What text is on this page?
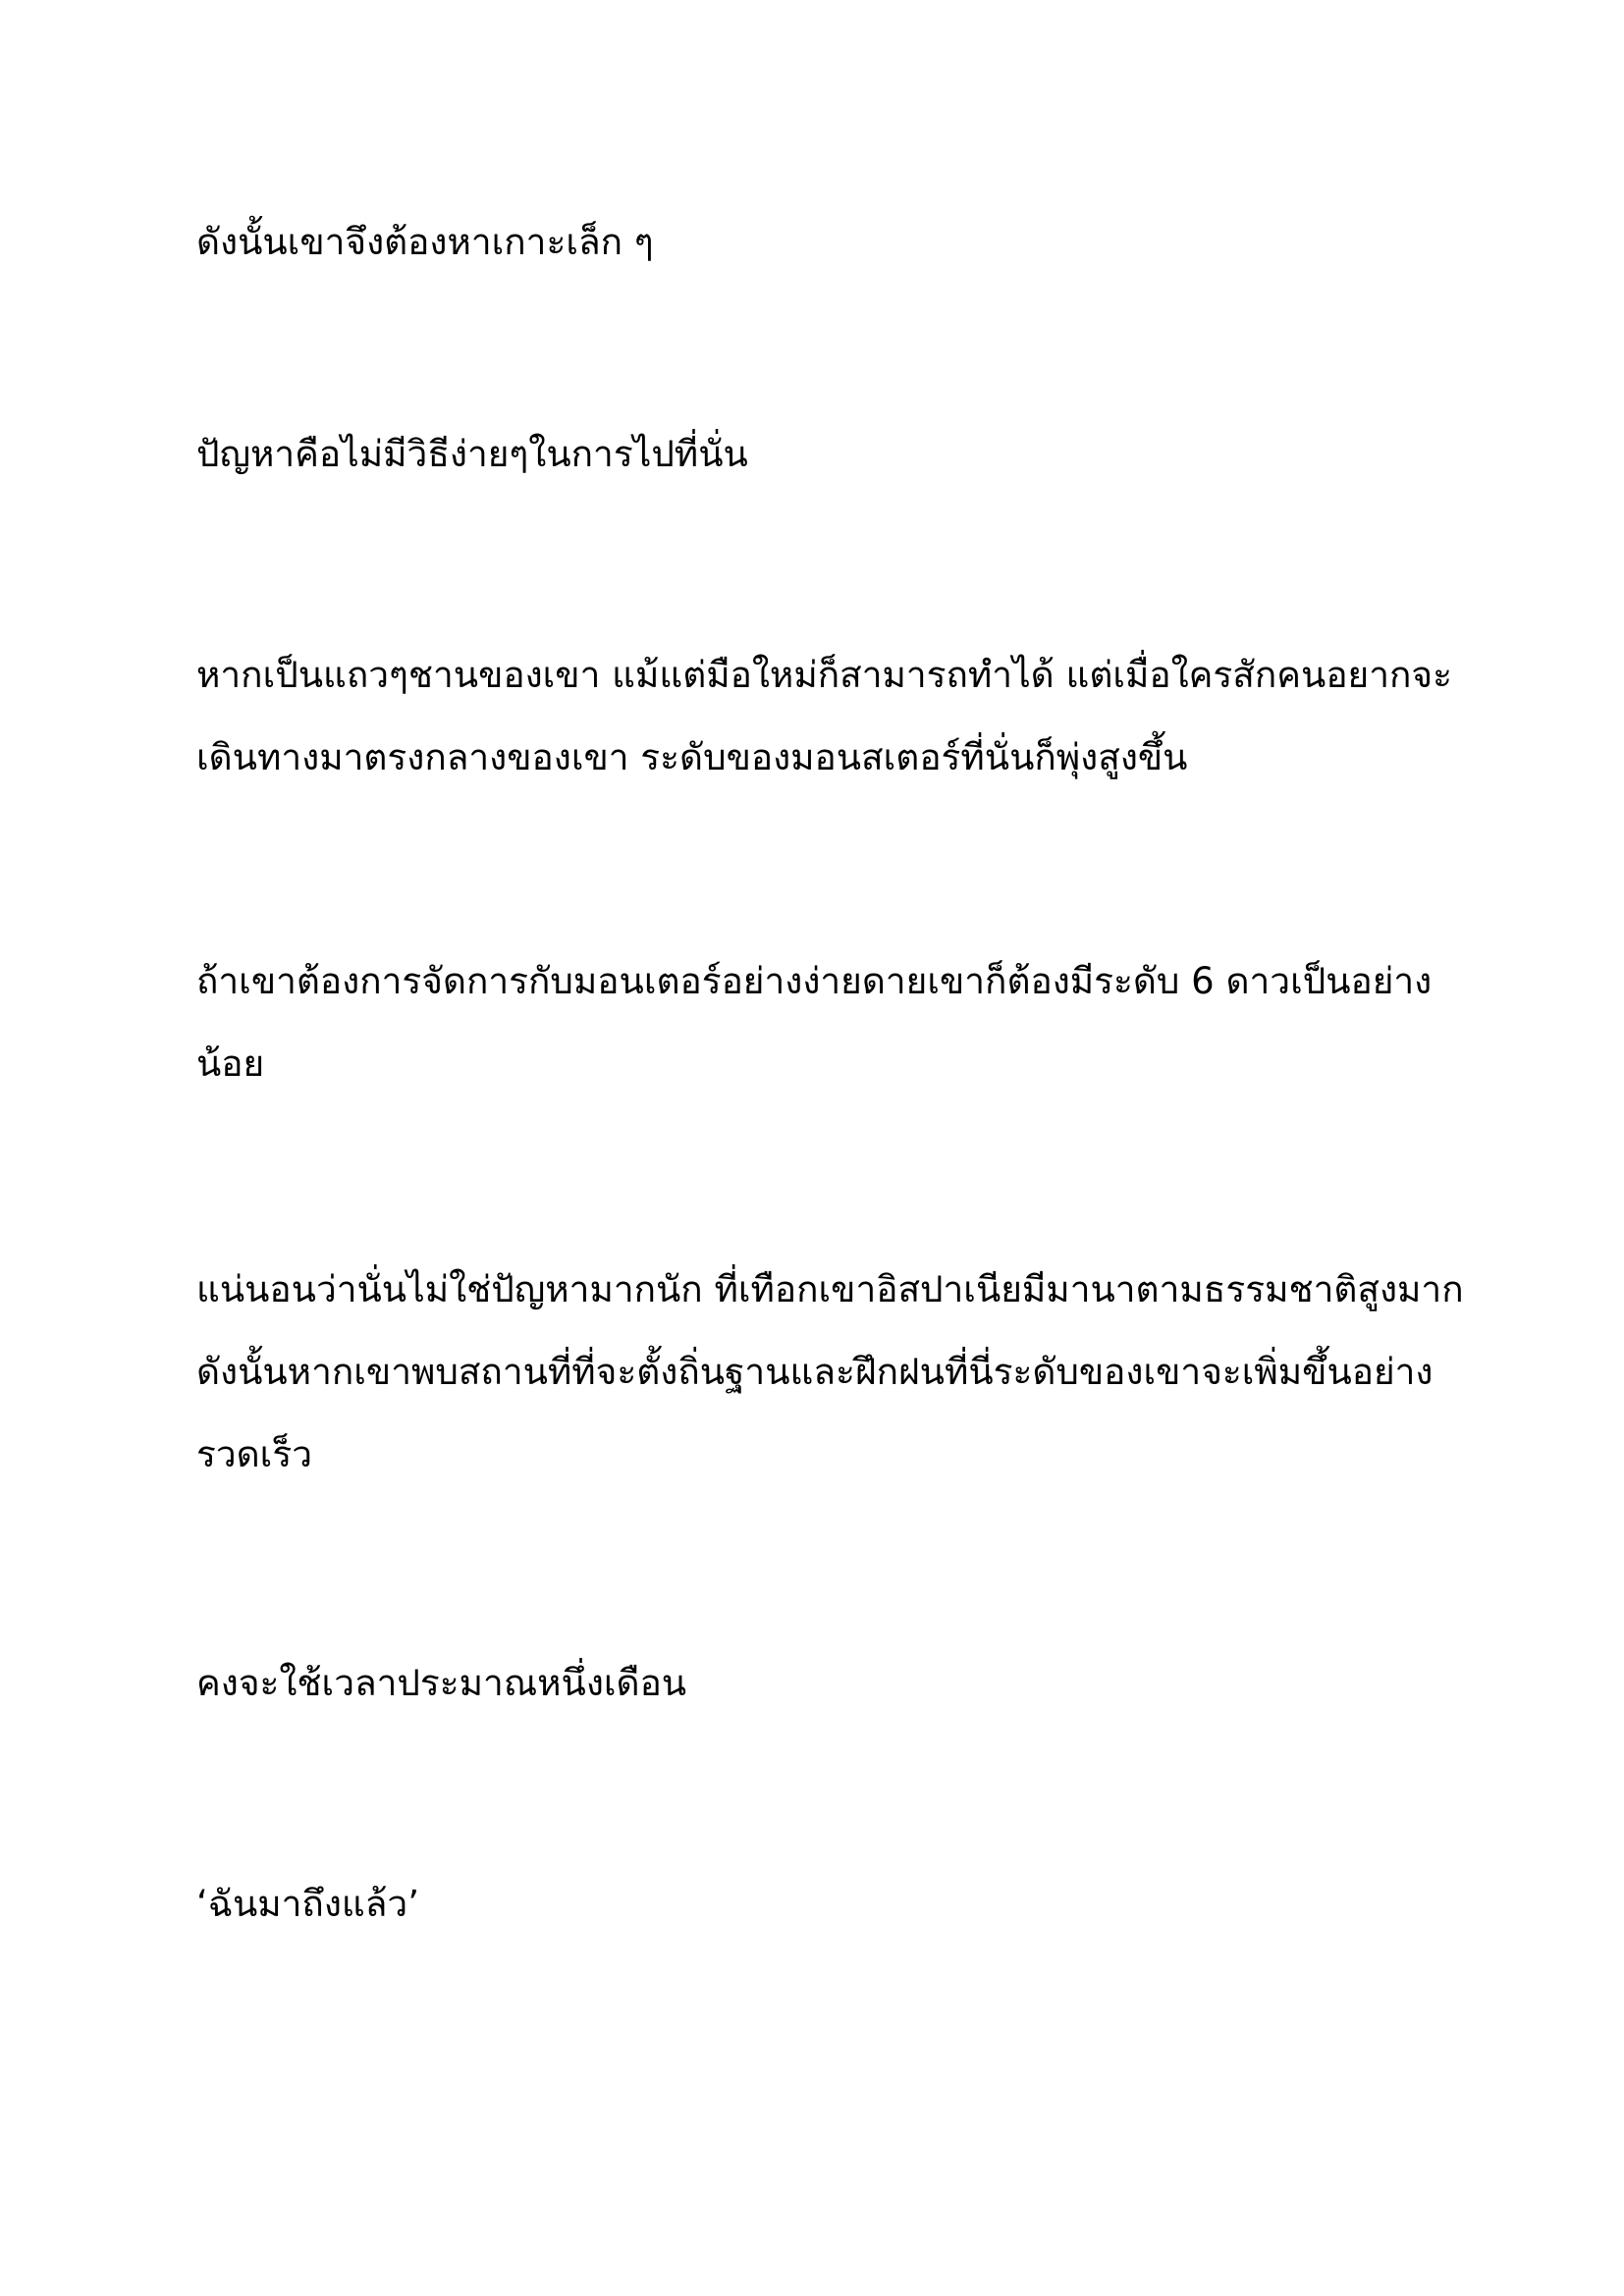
ดังนั้นเขาจึงต้องหาเกาะเล็ก ๆ

ปัญหาคือไม่มีวิธีง่ายๆในการไปที่นั่น

หากเป็นแถวๆชานของเขา แม้แต่มือใหม่ก็สามารถทำได้ แต่เมื่อใครสักคนอยากจะ
เดินทางมาตรงกลางของเขา ระดับของมอนสเตอร์ที่นั่นก็พุ่งสูงขึ้น

ถ้าเขาต้องการจัดการกับมอนเตอร์อย่างง่ายดายเขาก็ต้องมีระดับ 6 ดาวเป็นอย่าง
น้อย

แน่นอนว่านั่นไม่ใช่ปัญหามากนัก ที่เทือกเขาอิสปาเนียมีมานาตามธรรมชาติสูงมาก
ดังนั้นหากเขาพบสถานที่ที่จะตั้งถิ่นฐานและฝึกฝนที่นี่ระดับของเขาจะเพิ่มขึ้นอย่าง
รวดเร็ว

คงจะใช้เวลาประมาณหนึ่งเดือน

‘ฉันมาถึงแล้ว’
